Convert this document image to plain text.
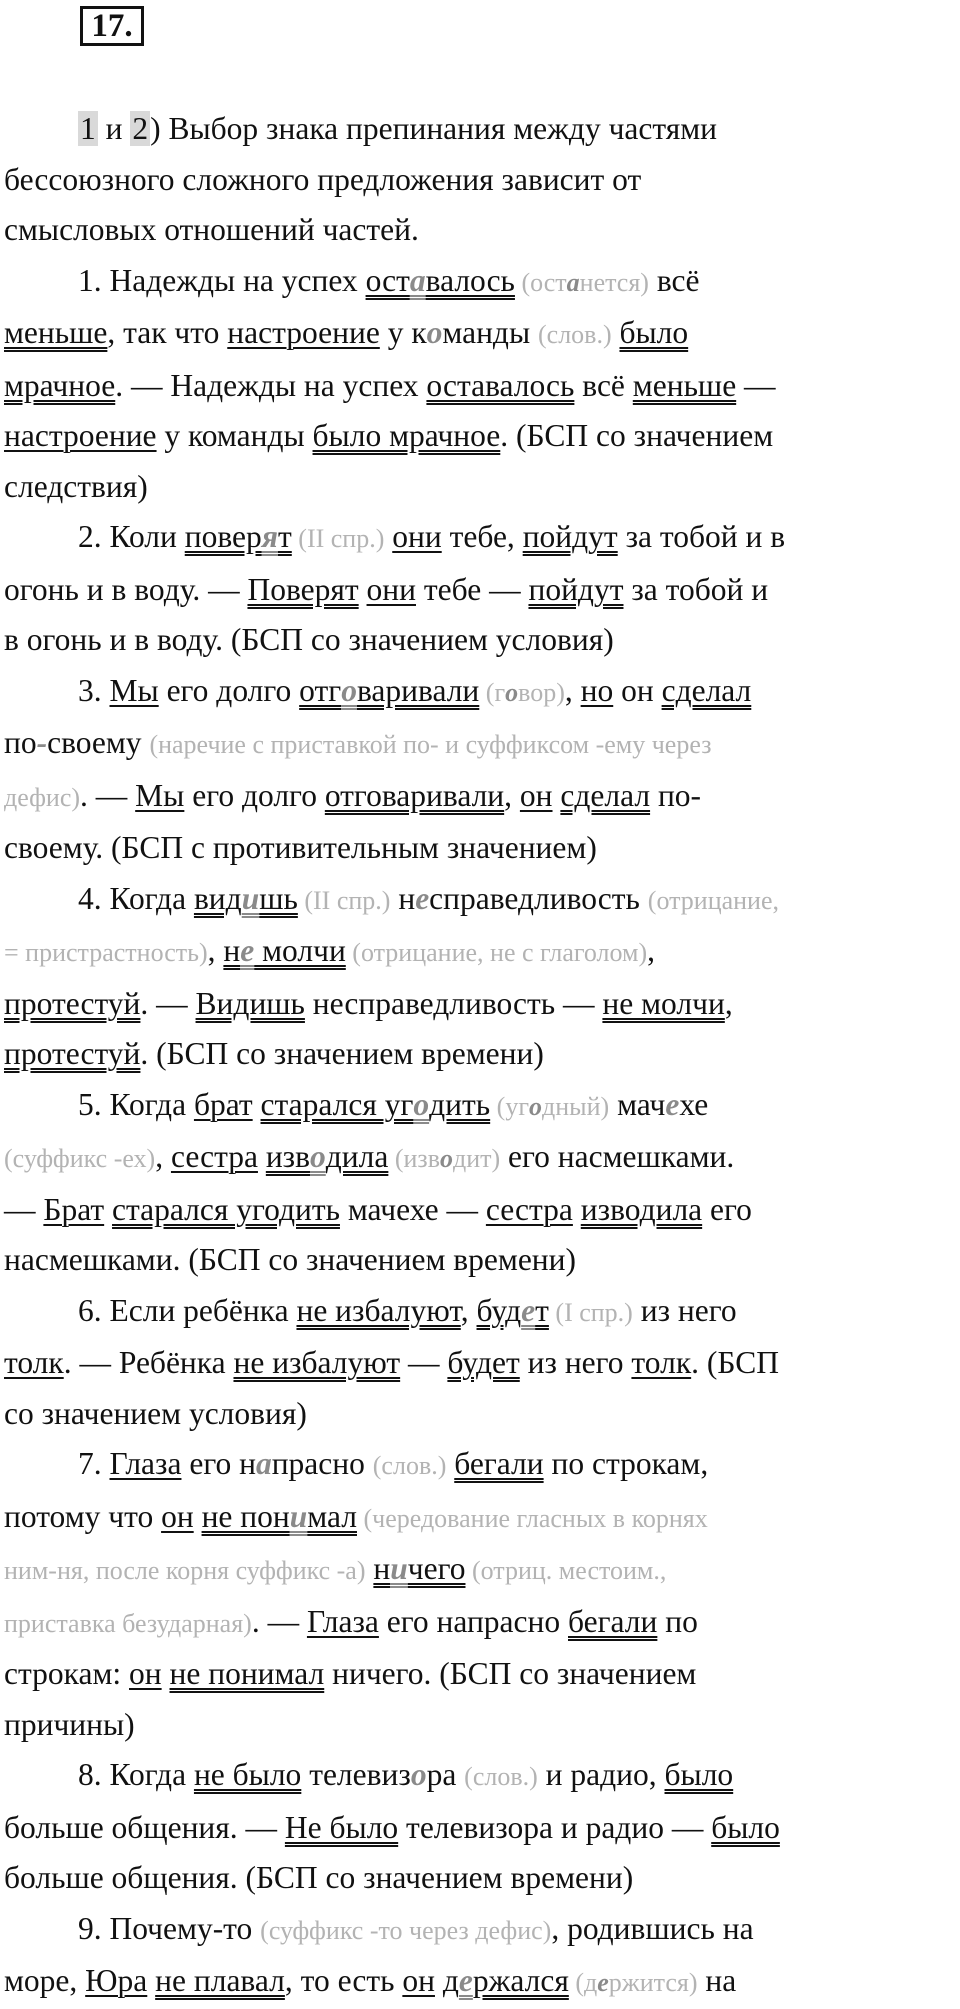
17.

1 и 2) Выбор знака препинания между частями
бессоюзного сложного предложения зависит от
смысловых отношений частей.

1. Надежды на успех оставалось (останется) всё
меньше, так что настроение у команды (слов.) было
мрачное. — Надежды на успех оставалось всё меньше —
настроение у команды было мрачное. (БСП со значением
следствия)

2. Коли поверят (II спр.) они тебе, пойдут за тобой и в
огонь и в воду. — Поверят они тебе — пойдут за тобой и
в огонь и в воду. (БСП со значением условия)

3. Мы его долго отговаривали (говор), но он сделал
по-своему (наречие с приставкой по- и суффиксом -ему через
дефис). — Мы его долго отговаривали, он сделал по-
своему. (БСП с противительным значением)

4. Когда видишь (II спр.) несправедливость (отрицание,
= пристрастность), не молчи (отрицание, не с глаголом),
протестуй. — Видишь несправедливость — не молчи,
протестуй. (БСП со значением времени)

5. Когда брат старался угодить (угодный) мачехе
(суффикс -ех), сестра изводила (изводит) его насмешками.
— Брат старался угодить мачехе — сестра изводила его
насмешками. (БСП со значением времени)

6. Если ребёнка не избалуют, будет (I спр.) из него
толк. — Ребёнка не избалуют — будет из него толк. (БСП
со значением условия)

7. Глаза его напрасно (слов.) бегали по строкам,
потому что он не понимал (чередование гласных в корнях
ним-ня, после корня суффикс -а) ничего (отриц. местоим.,
приставка безударная). — Глаза его напрасно бегали по
строкам: он не понимал ничего. (БСП со значением
причины)

8. Когда не было телевизора (слов.) и радио, было
больше общения. — Не было телевизора и радио — было
больше общения. (БСП со значением времени)

9. Почему-то (суффикс -то через дефис), родившись на
море, Юра не плавал, то есть он держался (держится) на
